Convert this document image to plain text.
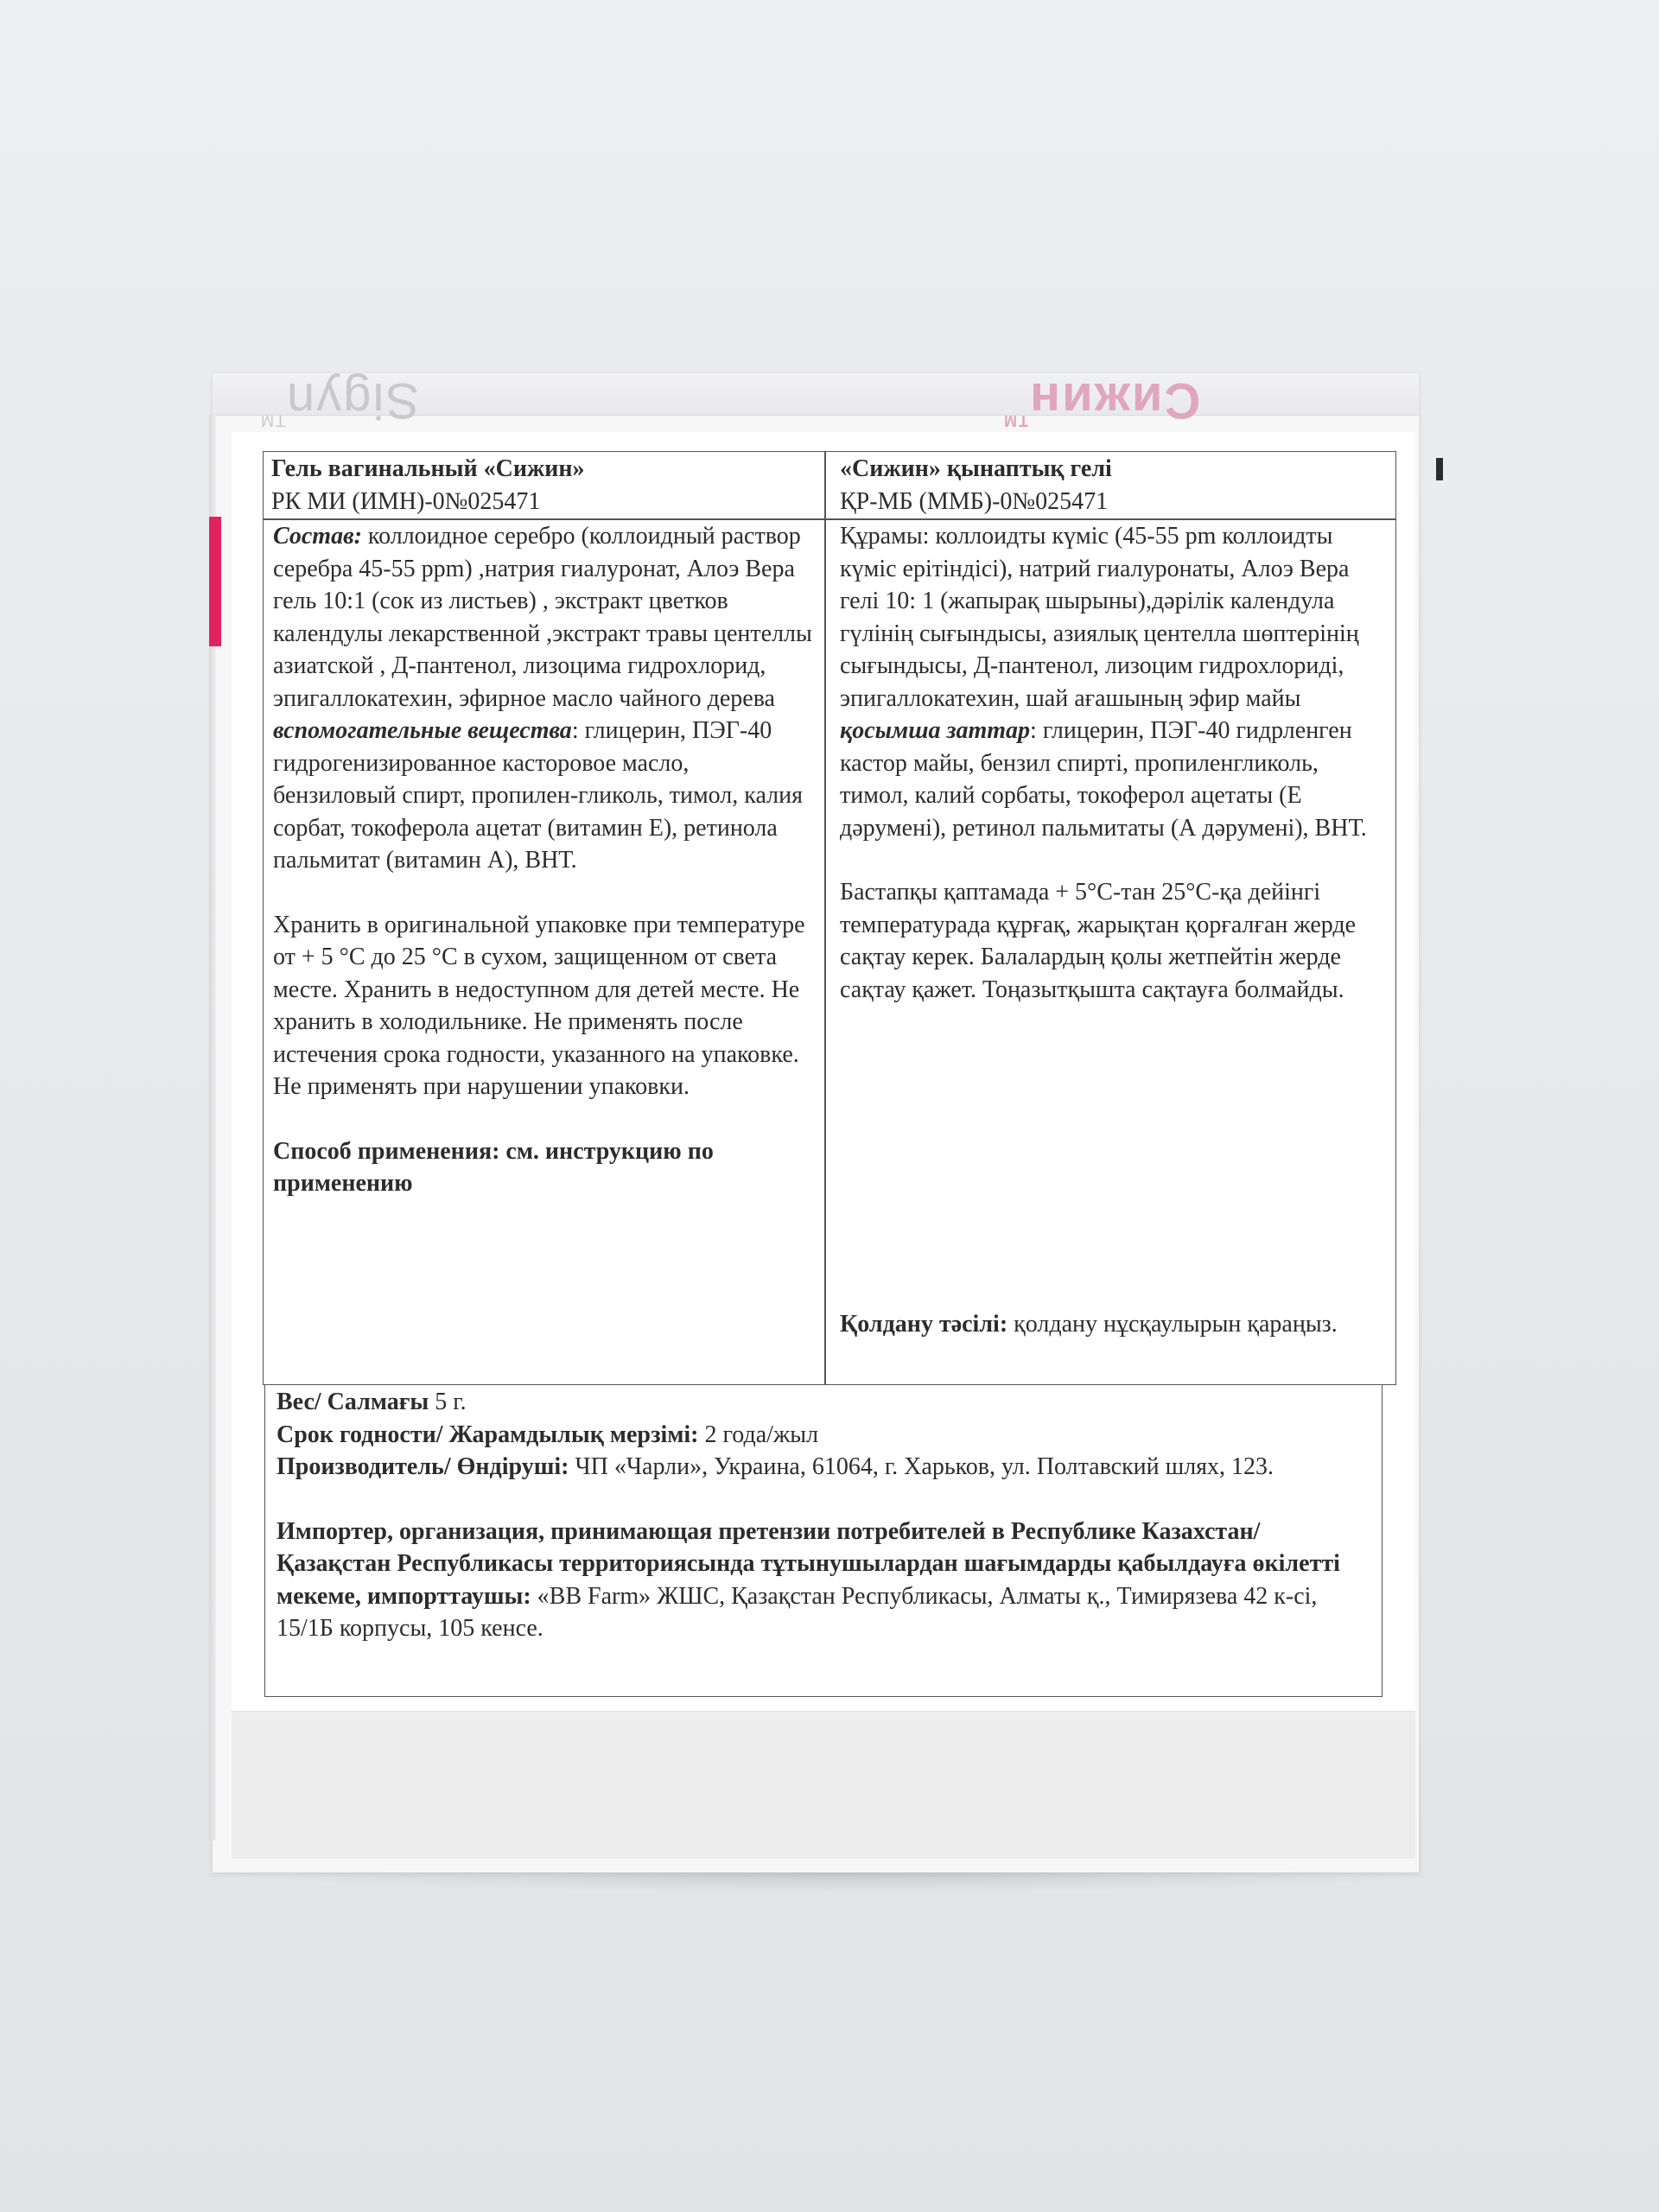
Sigyn™	Сижин™

Гель вагинальный «Сижин»

РК МИ (ИМН)-0№025471

«Сижин» қынаптық гелі

ҚР-МБ (ММБ)-0№025471

Состав: коллоидное серебро (коллоидный раствор серебра 45-55 ppm) ,натрия гиалуронат, Алоэ Вера гель 10:1 (сок из листьев) , экстракт цветков календулы лекарственной ,экстракт травы центеллы азиатской , Д-пантенол, лизоцима гидрохлорид, эпигаллокатехин, эфирное масло чайного дерева

вспомогательные вещества: глицерин, ПЭГ-40 гидрогенизированное касторовое масло, бензиловый спирт, пропилен-гликоль, тимол, калия сорбат, токоферола ацетат (витамин Е), ретинола пальмитат (витамин А), ВНТ.

Хранить в оригинальной упаковке при температуре от + 5 °С до 25 °С в сухом, защищенном от света месте. Хранить в недоступном для детей месте. Не хранить в холодильнике. Не применять после истечения срока годности, указанного на упаковке. Не применять при нарушении упаковки.

Способ применения: см. инструкцию по применению

Құрамы: коллоидты күміс (45-55 pm коллоидты күміс ерітіндісі), натрий гиалуронаты, Алоэ Вера гелі 10: 1 (жапырақ шырыны),дәрілік календула гүлінің сығындысы, азиялық центелла шөптерінің сығындысы, Д-пантенол, лизоцим гидрохлориді, эпигаллокатехин, шай ағашының эфир майы

қосымша заттар: глицерин, ПЭГ-40 гидрленген кастор майы, бензил спирті, пропиленгликоль, тимол, калий сорбаты, токоферол ацетаты (Е дәрумені), ретинол пальмитаты (А дәрумені), ВНТ.

Бастапқы қаптамада + 5°С-тан 25°С-қа дейінгі температурада құрғақ, жарықтан қорғалған жерде сақтау керек. Балалардың қолы жетпейтін жерде сақтау қажет. Тоңазытқышта сақтауға болмайды.

Қолдану тәсілі: қолдану нұсқаулырын қараңыз.

Вес/ Салмағы 5 г.

Срок годности/ Жарамдылық мерзімі: 2 года/жыл

Производитель/ Өндіруші: ЧП «Чарли», Украина, 61064, г. Харьков, ул. Полтавский шлях, 123.

Импортер, организация, принимающая претензии потребителей в Республике Казахстан/ Қазақстан Республикасы территориясында тұтынушылардан шағымдарды қабылдауға өкілетті мекеме, импорттаушы: «BB Farm» ЖШС, Қазақстан Республикасы, Алматы қ., Тимирязева 42 к-сі, 15/1Б корпусы, 105 кенсе.
